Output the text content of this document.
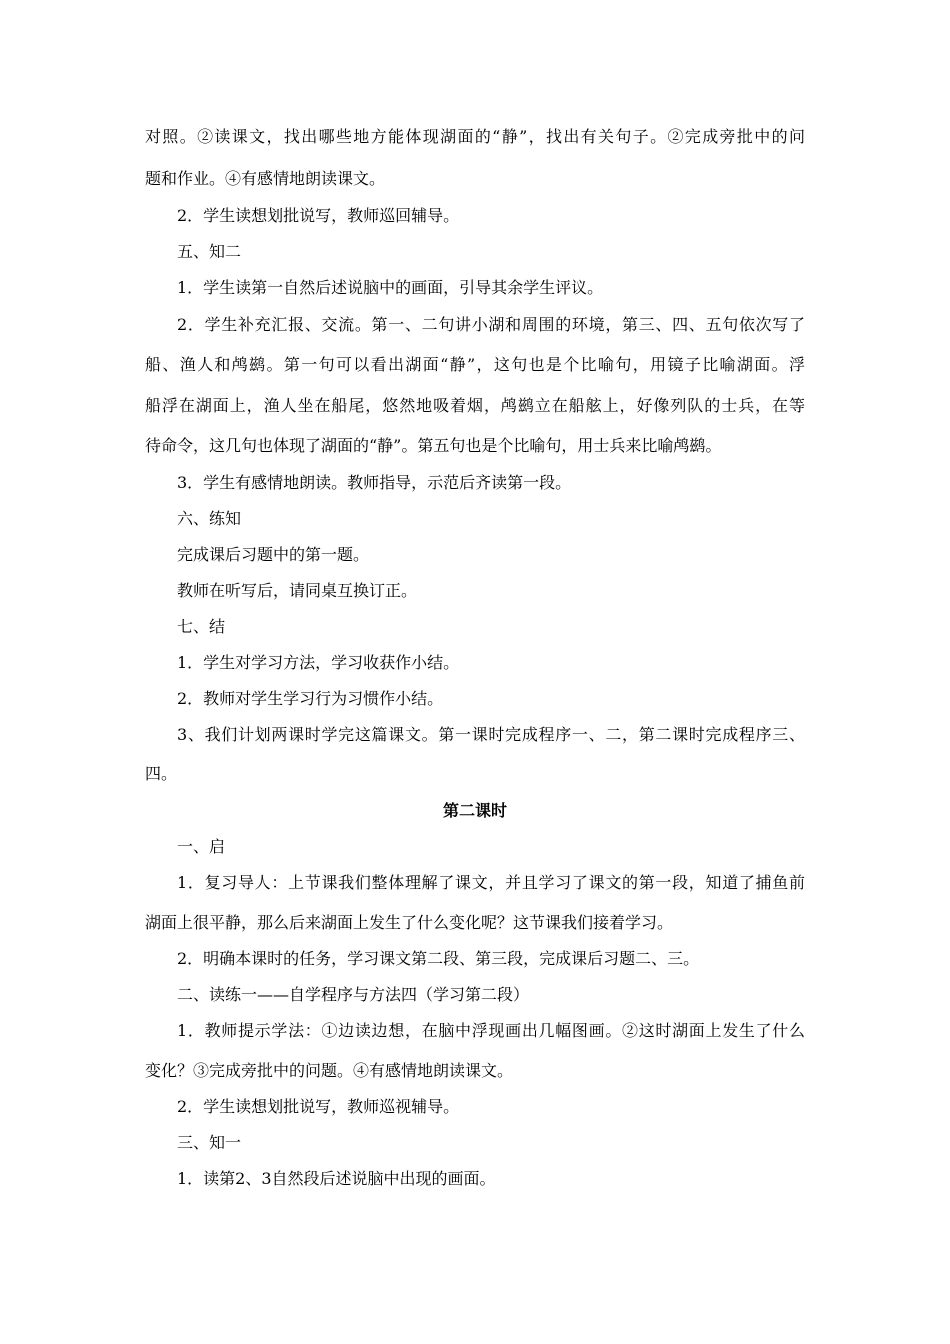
对照。②读课文，找出哪些地方能体现湖面的“静”，找出有关句子。②完成旁批中的问
题和作业。④有感情地朗读课文。
2．学生读想划批说写，教师巡回辅导。
五、知二
1．学生读第一自然后述说脑中的画面，引导其余学生评议。
2．学生补充汇报、交流。第一、二句讲小湖和周围的环境，第三、四、五句依次写了
船、渔人和鸬鹚。第一句可以看出湖面“静”，这句也是个比喻句，用镜子比喻湖面。浮
船浮在湖面上，渔人坐在船尾，悠然地吸着烟，鸬鹚立在船舷上，好像列队的士兵，在等
待命令，这几句也体现了湖面的“静”。第五句也是个比喻句，用士兵来比喻鸬鹚。
3．学生有感情地朗读。教师指导，示范后齐读第一段。
六、练知
完成课后习题中的第一题。
教师在听写后，请同桌互换订正。
七、结
1．学生对学习方法，学习收获作小结。
2．教师对学生学习行为习惯作小结。
3、我们计划两课时学完这篇课文。第一课时完成程序一、二，第二课时完成程序三、
四。
第二课时
一、启
1．复习导人：上节课我们整体理解了课文，并且学习了课文的第一段，知道了捕鱼前
湖面上很平静，那么后来湖面上发生了什么变化呢？这节课我们接着学习。
2．明确本课时的任务，学习课文第二段、第三段，完成课后习题二、三。
二、读练一——自学程序与方法四（学习第二段）
1．教师提示学法：①边读边想，在脑中浮现画出几幅图画。②这时湖面上发生了什么
变化？③完成旁批中的问题。④有感情地朗读课文。
2．学生读想划批说写，教师巡视辅导。
三、知一
1．读第2、3自然段后述说脑中出现的画面。
